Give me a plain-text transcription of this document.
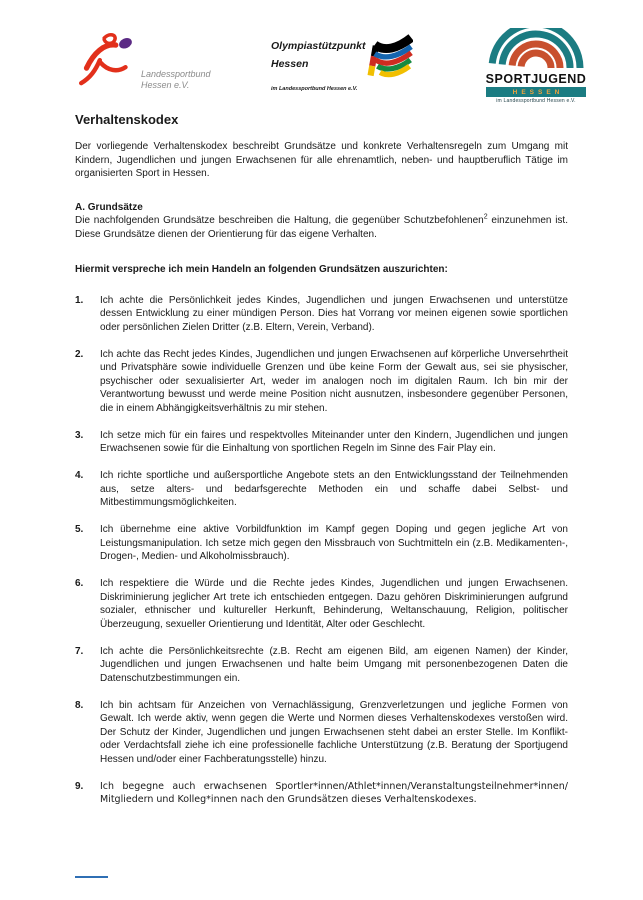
Landessportbund
Hessen e.V.
Olympiastützpunkt
Hessen
im Landessportbund Hessen e.V.
SPORTJUGEND
HESSEN
im Landessportbund Hessen e.V.
Verhaltenskodex

Der vorliegende Verhaltenskodex beschreibt Grundsätze und konkrete Verhaltensregeln zum Umgang mit Kindern, Jugendlichen und jungen Erwachsenen für alle ehrenamtlich, neben- und hauptberuflich Tätige im organisierten Sport in Hessen.

A. Grundsätze

Die nachfolgenden Grundsätze beschreiben die Haltung, die gegenüber Schutzbefohlenen$^2$ einzunehmen ist. Diese Grundsätze dienen der Orientierung für das eigene Verhalten.

Hiermit verspreche ich mein Handeln an folgenden Grundsätzen auszurichten:

1.	Ich achte die Persönlichkeit jedes Kindes, Jugendlichen und jungen Erwachsenen und unterstütze dessen Entwicklung zu einer mündigen Person. Dies hat Vorrang vor meinen eigenen sowie sportlichen oder persönlichen Zielen Dritter (z.B. Eltern, Verein, Verband).
2.	Ich achte das Recht jedes Kindes, Jugendlichen und jungen Erwachsenen auf körperliche Unversehrtheit und Privatsphäre sowie individuelle Grenzen und übe keine Form der Gewalt aus, sei sie physischer, psychischer oder sexualisierter Art, weder im analogen noch im digitalen Raum. Ich bin mir der Verantwortung bewusst und werde meine Position nicht ausnutzen, insbesondere gegenüber Personen, die in einem Abhängigkeitsverhältnis zu mir stehen.
3.	Ich setze mich für ein faires und respektvolles Miteinander unter den Kindern, Jugendlichen und jungen Erwachsenen sowie für die Einhaltung von sportlichen Regeln im Sinne des Fair Play ein.
4.	Ich richte sportliche und außersportliche Angebote stets an den Entwicklungsstand der Teilnehmenden aus, setze alters- und bedarfsgerechte Methoden ein und schaffe dabei Selbst- und Mitbestimmungsmöglichkeiten.
5.	Ich übernehme eine aktive Vorbildfunktion im Kampf gegen Doping und gegen jegliche Art von Leistungsmanipulation. Ich setze mich gegen den Missbrauch von Suchtmitteln ein (z.B. Medikamenten-, Drogen-, Medien- und Alkoholmissbrauch).
6.	Ich respektiere die Würde und die Rechte jedes Kindes, Jugendlichen und jungen Erwachsenen. Diskriminierung jeglicher Art trete ich entschieden entgegen. Dazu gehören Diskriminierungen aufgrund sozialer, ethnischer und kultureller Herkunft, Behinderung, Weltanschauung, Religion, politischer Überzeugung, sexueller Orientierung und Identität, Alter oder Geschlecht.
7.	Ich achte die Persönlichkeitsrechte (z.B. Recht am eigenen Bild, am eigenen Namen) der Kinder, Jugendlichen und jungen Erwachsenen und halte beim Umgang mit personenbezogenen Daten die Datenschutzbestimmungen ein.
8.	Ich bin achtsam für Anzeichen von Vernachlässigung, Grenzverletzungen und jegliche Formen von Gewalt. Ich werde aktiv, wenn gegen die Werte und Normen dieses Verhaltenskodexes verstoßen wird. Der Schutz der Kinder, Jugendlichen und jungen Erwachsenen steht dabei an erster Stelle. Im Konflikt- oder Verdachtsfall ziehe ich eine professionelle fachliche Unterstützung (z.B. Beratung der Sportjugend Hessen und/oder einer Fachberatungsstelle) hinzu.
9.	Ich begegne auch erwachsenen Sportler*innen/Athlet*innen/Veranstaltungsteilnehmer*innen/ Mitgliedern und Kolleg*innen nach den Grundsätzen dieses Verhaltenskodexes.
